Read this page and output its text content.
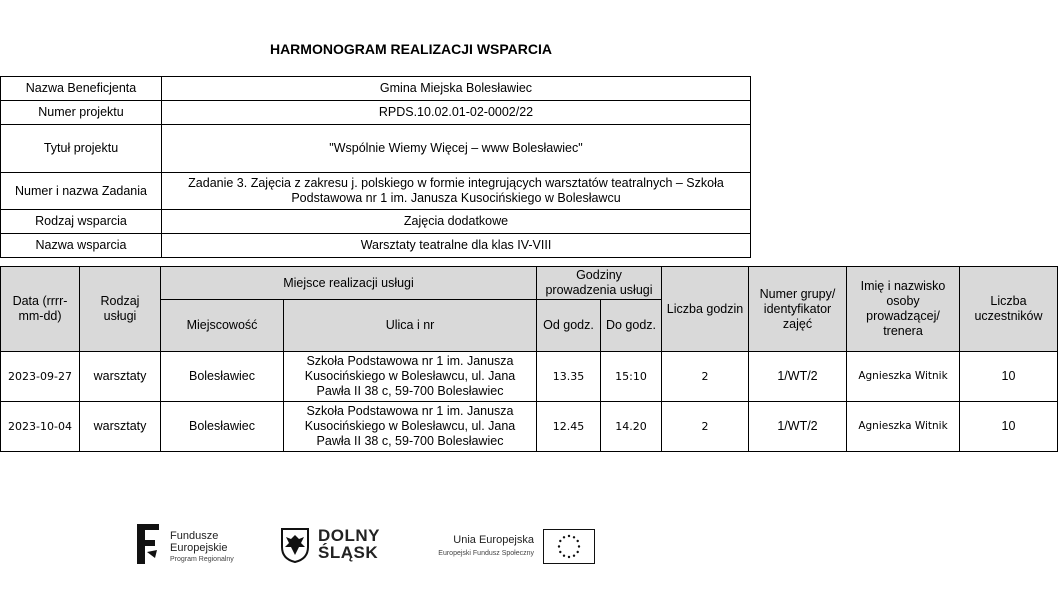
HARMONOGRAM REALIZACJI WSPARCIA
Nazwa Beneficjenta	Gmina Miejska Bolesławiec
Numer projektu	RPDS.10.02.01-02-0002/22
Tytuł projektu	"Wspólnie Wiemy Więcej – www Bolesławiec"
Numer i nazwa Zadania	Zadanie 3. Zajęcia z zakresu j. polskiego w formie integrujących warsztatów teatralnych – Szkoła Podstawowa nr 1 im. Janusza Kusocińskiego w Bolesławcu
Rodzaj wsparcia	Zajęcia dodatkowe
Nazwa wsparcia	Warsztaty teatralne dla klas IV-VIII
Data (rrrr-mm-dd)	Rodzaj usługi	Miejsce realizacji usługi		Godziny prowadzenia usługi		Liczba godzin	Numer grupy/ identyfikator zajęć	Imię i nazwisko osoby prowadzącej/ trenera	Liczba uczestników
		Miejscowość	Ulica i nr	Od godz.	Do godz.				
2023-09-27	warsztaty	Bolesławiec	Szkoła Podstawowa nr 1 im. Janusza Kusocińskiego w Bolesławcu, ul. Jana Pawła II 38 c, 59-700 Bolesławiec	13.35	15:10	2	1/WT/2	Agnieszka Witnik	10
2023-10-04	warsztaty	Bolesławiec	Szkoła Podstawowa nr 1 im. Janusza Kusocińskiego w Bolesławcu, ul. Jana Pawła II 38 c, 59-700 Bolesławiec	12.45	14.20	2	1/WT/2	Agnieszka Witnik	10
Fundusze
Europejskie
Program Regionalny
DOLNY
ŚLĄSK
Unia Europejska
Europejski Fundusz Społeczny
